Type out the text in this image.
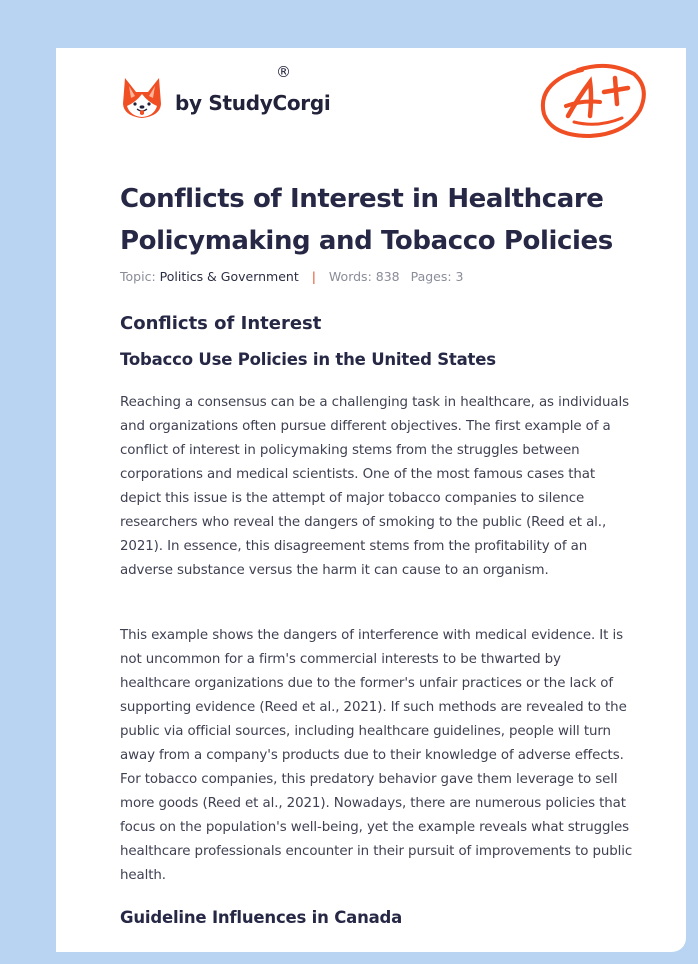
by StudyCorgi
®
Conflicts of Interest in Healthcare Policymaking and Tobacco Policies
Topic: Politics & Government | Words: 838 Pages: 3
Conflicts of Interest
Tobacco Use Policies in the United States

Reaching a consensus can be a challenging task in healthcare, as individuals and organizations often pursue different objectives. The first example of a conflict of interest in policymaking stems from the struggles between corporations and medical scientists. One of the most famous cases that depict this issue is the attempt of major tobacco companies to silence researchers who reveal the dangers of smoking to the public (Reed et al., 2021). In essence, this disagreement stems from the profitability of an adverse substance versus the harm it can cause to an organism.

This example shows the dangers of interference with medical evidence. It is not uncommon for a firm's commercial interests to be thwarted by healthcare organizations due to the former's unfair practices or the lack of supporting evidence (Reed et al., 2021). If such methods are revealed to the public via official sources, including healthcare guidelines, people will turn away from a company's products due to their knowledge of adverse effects. For tobacco companies, this predatory behavior gave them leverage to sell more goods (Reed et al., 2021). Nowadays, there are numerous policies that focus on the population's well-being, yet the example reveals what struggles healthcare professionals encounter in their pursuit of improvements to public health.

Guideline Influences in Canada
